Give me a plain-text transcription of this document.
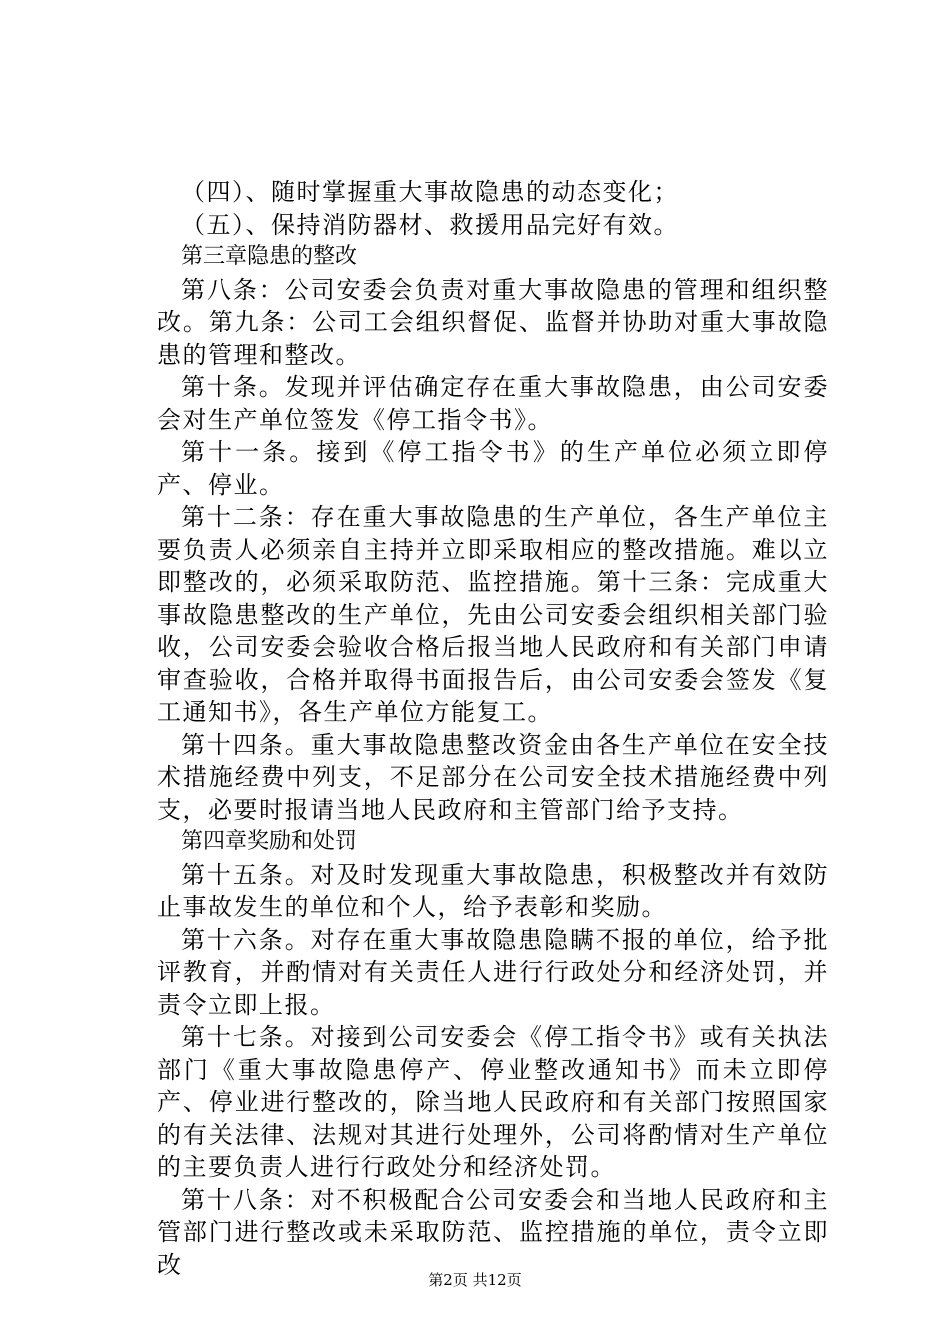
（四）、随时掌握重大事故隐患的动态变化；

（五）、保持消防器材、救援用品完好有效。

第三章隐患的整改

第八条：公司安委会负责对重大事故隐患的管理和组织整改。第九条：公司工会组织督促、监督并协助对重大事故隐患的管理和整改。

第十条。发现并评估确定存在重大事故隐患，由公司安委会对生产单位签发《停工指令书》。

第十一条。接到《停工指令书》的生产单位必须立即停产、停业。

第十二条：存在重大事故隐患的生产单位，各生产单位主要负责人必须亲自主持并立即采取相应的整改措施。难以立即整改的，必须采取防范、监控措施。第十三条：完成重大事故隐患整改的生产单位，先由公司安委会组织相关部门验收，公司安委会验收合格后报当地人民政府和有关部门申请审查验收，合格并取得书面报告后，由公司安委会签发《复工通知书》，各生产单位方能复工。

第十四条。重大事故隐患整改资金由各生产单位在安全技术措施经费中列支，不足部分在公司安全技术措施经费中列支，必要时报请当地人民政府和主管部门给予支持。

第四章奖励和处罚

第十五条。对及时发现重大事故隐患，积极整改并有效防止事故发生的单位和个人，给予表彰和奖励。

第十六条。对存在重大事故隐患隐瞒不报的单位，给予批评教育，并酌情对有关责任人进行行政处分和经济处罚，并责令立即上报。

第十七条。对接到公司安委会《停工指令书》或有关执法部门《重大事故隐患停产、停业整改通知书》而未立即停产、停业进行整改的，除当地人民政府和有关部门按照国家的有关法律、法规对其进行处理外，公司将酌情对生产单位的主要负责人进行行政处分和经济处罚。

第十八条：对不积极配合公司安委会和当地人民政府和主管部门进行整改或未采取防范、监控措施的单位，责令立即改

第2页 共12页
